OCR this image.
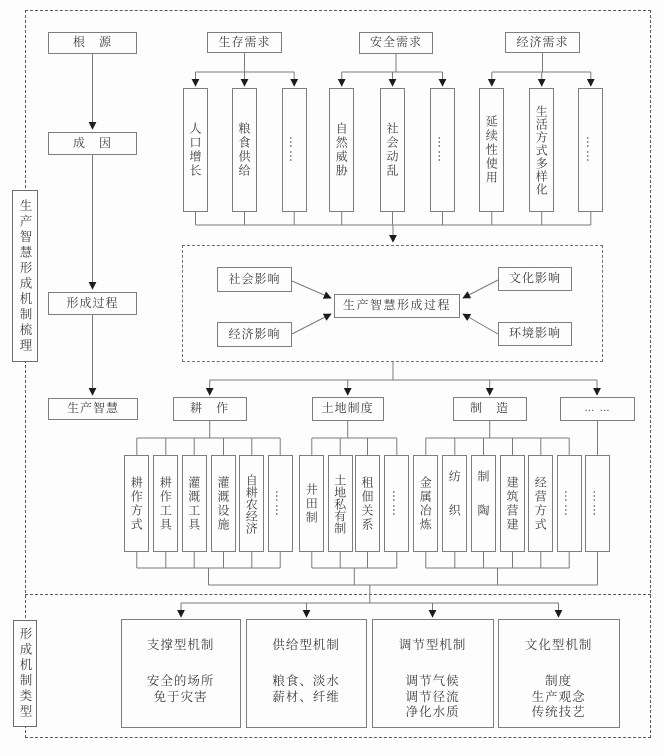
生产智慧形成机制梳理
形成机制类型
根　源
成　因
形成过程
生产智慧
生存需求	安全需求	经济需求
人口增长	粮食供给	……	自然威胁	社会动乱	……	延续性使用	生活方式多样化	……
社会影响
经济影响
文化影响
环境影响
生产智慧形成过程
耕　作	土地制度	制　造	… …
耕作方式	耕作工具	灌溉工具	灌溉设施	自耕农经济	……	井田制	土地私有制	租佃关系	……	金属冶炼	纺织	制陶	建筑营建	经营方式	……	……
支撑型机制
安全的场所
免于灾害
供给型机制
粮食、淡水
薪材、纤维
调节型机制
调节气候
调节径流
净化水质
文化型机制
制度
生产观念
传统技艺
